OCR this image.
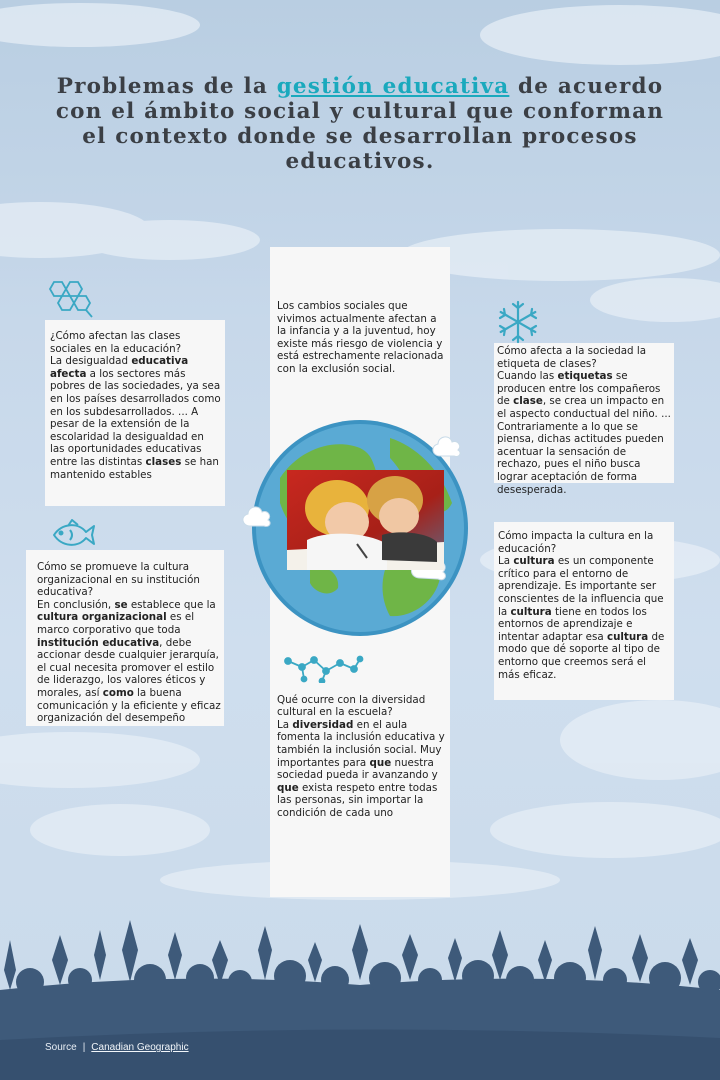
Problemas de la gestión educativa de acuerdo con el ámbito social y cultural que conforman el contexto donde se desarrollan procesos educativos.

Los cambios sociales que vivimos actualmente afectan a la infancia y a la juventud, hoy existe más riesgo de violencia y está estrechamente relacionada con la exclusión social.

Qué ocurre con la diversidad cultural en la escuela?

La diversidad en el aula fomenta la inclusión educativa y también la inclusión social. Muy importantes para que nuestra sociedad pueda ir avanzando y que exista respeto entre todas las personas, sin importar la condición de cada uno

¿Cómo afectan las clases sociales en la educación?

La desigualdad educativa afecta a los sectores más pobres de las sociedades, ya sea en los países desarrollados como en los subdesarrollados. ... A pesar de la extensión de la escolaridad la desigualdad en las oportunidades educativas entre las distintas clases se han mantenido estables

Cómo afecta a la sociedad la etiqueta de clases?

Cuando las etiquetas se producen entre los compañeros de clase, se crea un impacto en el aspecto conductual del niño. ... Contrariamente a lo que se piensa, dichas actitudes pueden acentuar la sensación de rechazo, pues el niño busca lograr aceptación de forma desesperada.

Cómo se promueve la cultura organizacional en su institución educativa?

En conclusión, se establece que la cultura organizacional es el marco corporativo que toda institución educativa, debe accionar desde cualquier jerarquía, el cual necesita promover el estilo de liderazgo, los valores éticos y morales, así como la buena comunicación y la eficiente y eficaz organización del desempeño

Cómo impacta la cultura en la educación?

La cultura es un componente crítico para el entorno de aprendizaje. Es importante ser conscientes de la influencia que la cultura tiene en todos los entornos de aprendizaje e intentar adaptar esa cultura de modo que dé soporte al tipo de entorno que creemos será el más eficaz.

Source | Canadian Geographic
